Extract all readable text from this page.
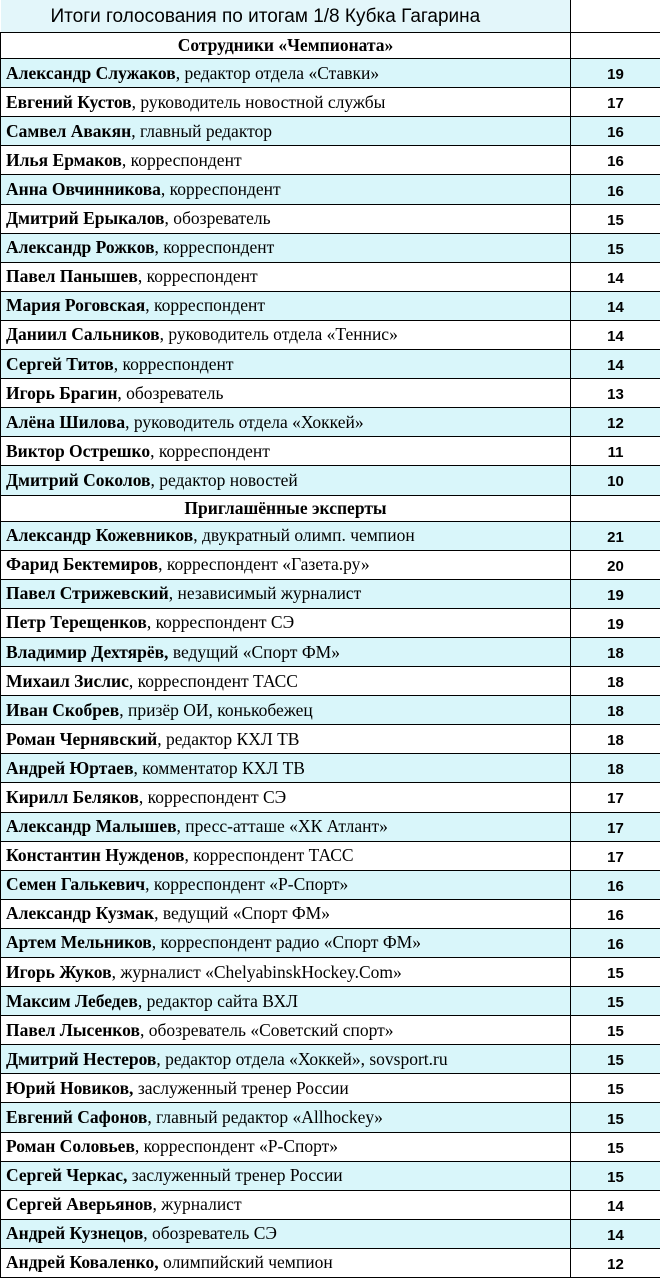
Итоги голосования по итогам 1/8 Кубка Гагарина	
Сотрудники «Чемпионата»	
Александр Служаков, редактор отдела «Ставки»	19
Евгений Кустов, руководитель новостной службы	17
Самвел Авакян, главный редактор	16
Илья Ермаков, корреспондент	16
Анна Овчинникова, корреспондент	16
Дмитрий Ерыкалов, обозреватель	15
Александр Рожков, корреспондент	15
Павел Панышев, корреспондент	14
Мария Роговская, корреспондент	14
Даниил Сальников, руководитель отдела «Теннис»	14
Сергей Титов, корреспондент	14
Игорь Брагин, обозреватель	13
Алёна Шилова, руководитель отдела «Хоккей»	12
Виктор Острешко, корреспондент	11
Дмитрий Соколов, редактор новостей	10
Приглашённые эксперты	
Александр Кожевников, двукратный олимп. чемпион	21
Фарид Бектемиров, корреспондент «Газета.ру»	20
Павел Стрижевский, независимый журналист	19
Петр Терещенков, корреспондент СЭ	19
Владимир Дехтярёв, ведущий «Спорт ФМ»	18
Михаил Зислис, корреспондент ТАСС	18
Иван Скобрев, призёр ОИ, конькобежец	18
Роман Чернявский, редактор КХЛ ТВ	18
Андрей Юртаев, комментатор КХЛ ТВ	18
Кирилл Беляков, корреспондент СЭ	17
Александр Малышев, пресс-атташе «ХК Атлант»	17
Константин Нужденов, корреспондент ТАСС	17
Семен Галькевич, корреспондент «Р-Спорт»	16
Александр Кузмак, ведущий «Спорт ФМ»	16
Артем Мельников, корреспондент радио «Спорт ФМ»	16
Игорь Жуков, журналист «ChelyabinskHockey.Com»	15
Максим Лебедев, редактор сайта ВХЛ	15
Павел Лысенков, обозреватель «Советский спорт»	15
Дмитрий Нестеров, редактор отдела «Хоккей», sovsport.ru	15
Юрий Новиков, заслуженный тренер России	15
Евгений Сафонов, главный редактор «Allhockey»	15
Роман Соловьев, корреспондент «Р-Спорт»	15
Сергей Черкас, заслуженный тренер России	15
Сергей Аверьянов, журналист	14
Андрей Кузнецов, обозреватель СЭ	14
Андрей Коваленко, олимпийский чемпион	12
